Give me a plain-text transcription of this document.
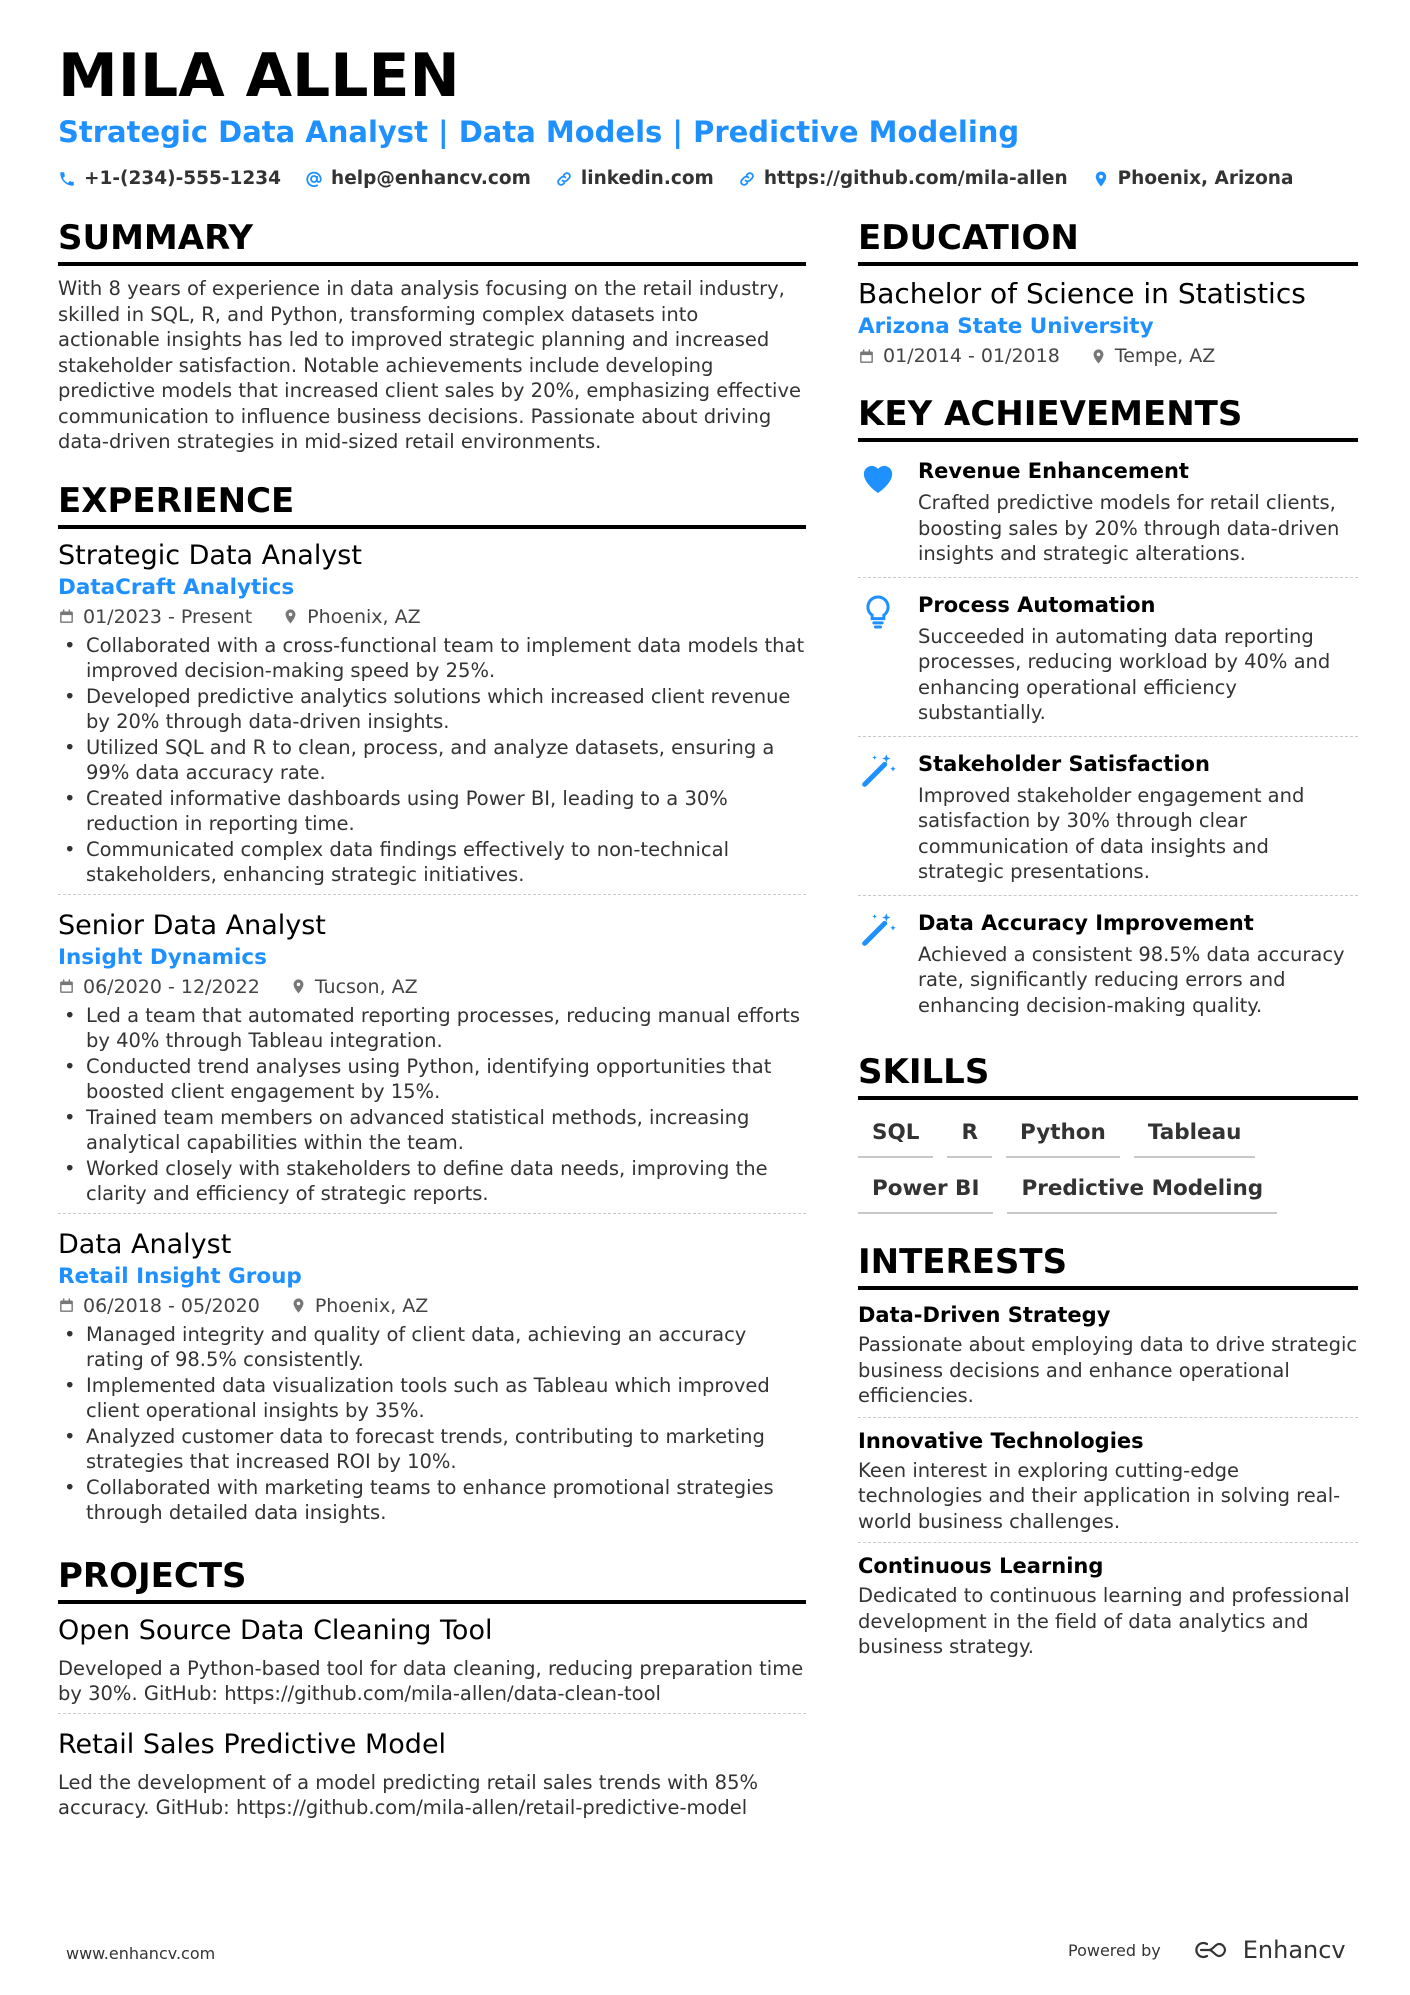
MILA ALLEN
Strategic Data Analyst | Data Models | Predictive Modeling
+1-(234)-555-1234	help@enhancv.com	linkedin.com	https://github.com/mila-allen	Phoenix, Arizona
SUMMARY
With 8 years of experience in data analysis focusing on the retail industry, skilled in SQL, R, and Python, transforming complex datasets into actionable insights has led to improved strategic planning and increased stakeholder satisfaction. Notable achievements include developing predictive models that increased client sales by 20%, emphasizing effective communication to influence business decisions. Passionate about driving data-driven strategies in mid-sized retail environments.
EXPERIENCE
Strategic Data Analyst
DataCraft Analytics
01/2023 - Present	Phoenix, AZ
• Collaborated with a cross-functional team to implement data models that improved decision-making speed by 25%.
• Developed predictive analytics solutions which increased client revenue by 20% through data-driven insights.
• Utilized SQL and R to clean, process, and analyze datasets, ensuring a 99% data accuracy rate.
• Created informative dashboards using Power BI, leading to a 30% reduction in reporting time.
• Communicated complex data findings effectively to non-technical stakeholders, enhancing strategic initiatives.
Senior Data Analyst
Insight Dynamics
06/2020 - 12/2022	Tucson, AZ
• Led a team that automated reporting processes, reducing manual efforts by 40% through Tableau integration.
• Conducted trend analyses using Python, identifying opportunities that boosted client engagement by 15%.
• Trained team members on advanced statistical methods, increasing analytical capabilities within the team.
• Worked closely with stakeholders to define data needs, improving the clarity and efficiency of strategic reports.
Data Analyst
Retail Insight Group
06/2018 - 05/2020	Phoenix, AZ
• Managed integrity and quality of client data, achieving an accuracy rating of 98.5% consistently.
• Implemented data visualization tools such as Tableau which improved client operational insights by 35%.
• Analyzed customer data to forecast trends, contributing to marketing strategies that increased ROI by 10%.
• Collaborated with marketing teams to enhance promotional strategies through detailed data insights.
PROJECTS
Open Source Data Cleaning Tool
Developed a Python-based tool for data cleaning, reducing preparation time by 30%. GitHub: https://github.com/mila-allen/data-clean-tool
Retail Sales Predictive Model
Led the development of a model predicting retail sales trends with 85% accuracy. GitHub: https://github.com/mila-allen/retail-predictive-model
EDUCATION
Bachelor of Science in Statistics
Arizona State University
01/2014 - 01/2018	Tempe, AZ
KEY ACHIEVEMENTS
Revenue Enhancement
Crafted predictive models for retail clients, boosting sales by 20% through data-driven insights and strategic alterations.
Process Automation
Succeeded in automating data reporting processes, reducing workload by 40% and enhancing operational efficiency substantially.
Stakeholder Satisfaction
Improved stakeholder engagement and satisfaction by 30% through clear communication of data insights and strategic presentations.
Data Accuracy Improvement
Achieved a consistent 98.5% data accuracy rate, significantly reducing errors and enhancing decision-making quality.
SKILLS
SQL	R	Python	Tableau
Power BI	Predictive Modeling
INTERESTS
Data-Driven Strategy
Passionate about employing data to drive strategic business decisions and enhance operational efficiencies.
Innovative Technologies
Keen interest in exploring cutting-edge technologies and their application in solving real-world business challenges.
Continuous Learning
Dedicated to continuous learning and professional development in the field of data analytics and business strategy.
www.enhancv.com	Powered by	Enhancv
